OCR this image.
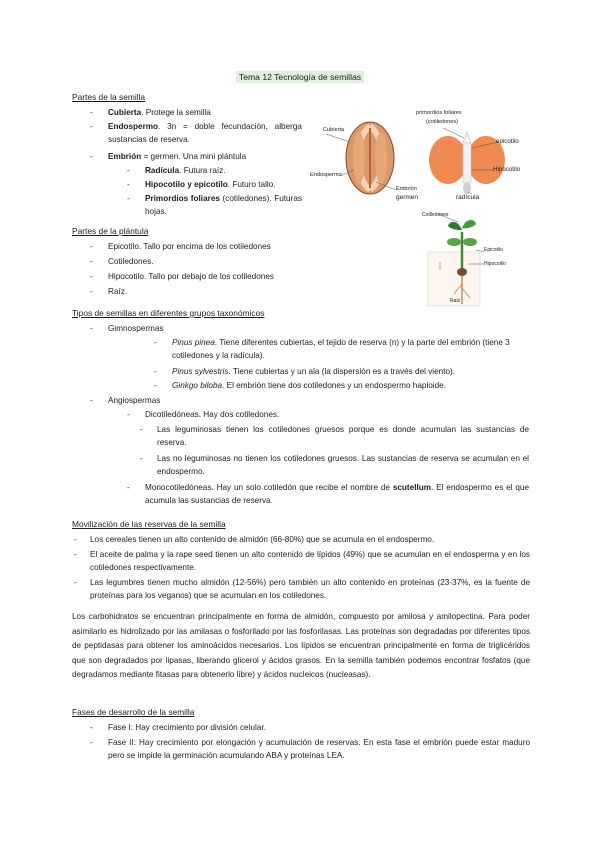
Tema 12 Tecnología de semillas
Partes de la semilla
- Cubierta. Protege la semilla
- Endospermo. 3n = doble fecundación, alberga sustancias de reserva.
- Embrión = germen. Una mini plántula
- Radícula. Futura raíz.
- Hipocotilo y epicotilo. Futuro tallo.
- Primordios foliares (cotiledones). Futuras hojas.
Cubierta
Endospermo
Embrión
germen
primordios foliares
(cotiledones)
epicotilo
Hipocotilo
radícula
Cotiledones
Epicotilo
Hipocotilo
Raíz
Partes de la plántula
- Epicotilo. Tallo por encima de los cotiledones
- Cotiledones.
- Hipocotilo. Tallo por debajo de los cotiledones
- Raíz.
Tipos de semillas en diferentes grupos taxonómicos
- Gimnospermas
- Pinus pinea. Tiene diferentes cubiertas, el tejido de reserva (n) y la parte del embrión (tiene 3 cotiledones y la radícula).
- Pinus sylvestris. Tiene cubiertas y un ala (la dispersión es a través del viento).
- Ginkgo biloba. El embrión tiene dos cotiledones y un endospermo haploide.
- Angiospermas
- Dicotiledóneas. Hay dos cotiledones.
- Las leguminosas tienen los cotiledones gruesos porque es donde acumulan las sustancias de reserva.
- Las no leguminosas no tienen los cotiledones gruesos. Las sustancias de reserva se acumulan en el endospermo.
- Monocotiledóneas. Hay un solo cotiledón que recibe el nombre de scutellum. El endospermo es el que acumula las sustancias de reserva.
Movilización de las reservas de la semilla
- Los cereales tienen un alto contenido de almidón (66-80%) que se acumula en el endospermo.
- El aceite de palma y la rape seed tienen un alto contenido de lípidos (49%) que se acumulan en el endosperma y en los cotiledones respectivamente.
- Las legumbres tienen mucho almidón (12-56%) pero también un alto contenido en proteínas (23-37%, es la fuente de proteínas para los veganos) que se acumulan en los cotiledones.
Los carbohidratos se encuentran principalmente en forma de almidón, compuesto por amilosa y amilopectina. Para poder asimilarlo es hidrolizado por las amilasas o fosforilado por las fosforilasas. Las proteínas son degradadas por diferentes tipos de peptidasas para obtener los aminoácidos necesarios. Los lípidos se encuentran principalmente en forma de triglicéridos que son degradados por lipasas, liberando glicerol y ácidos grasos. En la semilla también podemos encontrar fosfatos (que degradamos mediante fitasas para obtenerlo libre) y ácidos nucleicos (nucleasas).
Fases de desarrollo de la semilla
- Fase I: Hay crecimiento por división celular.
- Fase II: Hay crecimiento por elongación y acumulación de reservas. En esta fase el embrión puede estar maduro pero se impide la germinación acumulando ABA y proteínas LEA.
